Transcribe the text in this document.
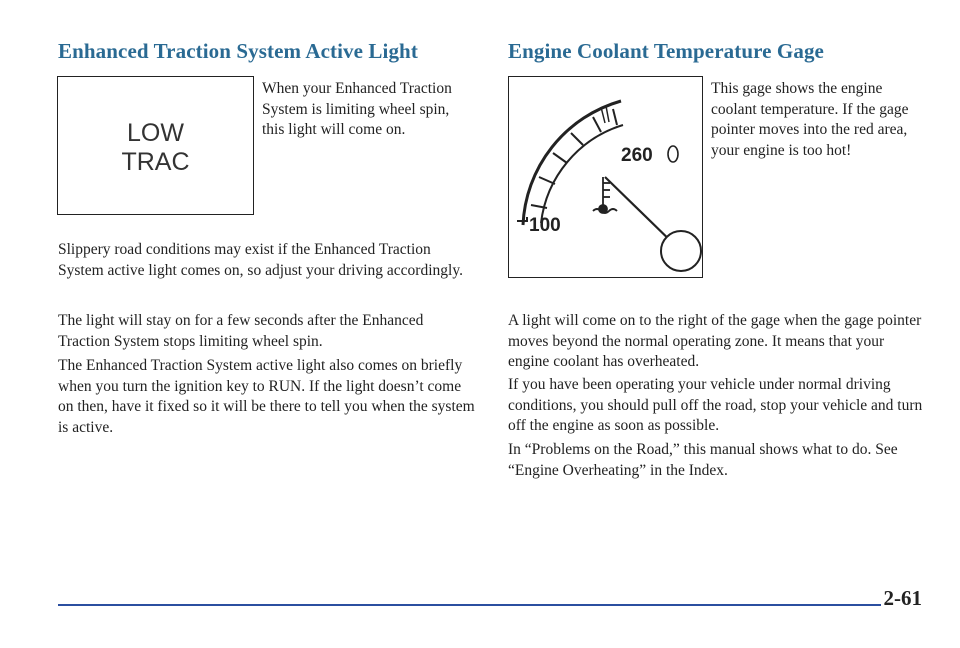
Enhanced Traction System Active Light	Engine Coolant Temperature Gage
LOW
TRAC

When your Enhanced Traction System is limiting wheel spin, this light will come on.

260
100

This gage shows the engine coolant temperature. If the gage pointer moves into the red area, your engine is too hot!

Slippery road conditions may exist if the Enhanced Traction System active light comes on, so adjust your driving accordingly.

The light will stay on for a few seconds after the Enhanced Traction System stops limiting wheel spin.

The Enhanced Traction System active light also comes on briefly when you turn the ignition key to RUN. If the light doesn’t come on then, have it fixed so it will be there to tell you when the system is active.

A light will come on to the right of the gage when the gage pointer moves beyond the normal operating zone. It means that your engine coolant has overheated.

If you have been operating your vehicle under normal driving conditions, you should pull off the road, stop your vehicle and turn off the engine as soon as possible.

In “Problems on the Road,” this manual shows what to do. See “Engine Overheating” in the Index.

2-61
